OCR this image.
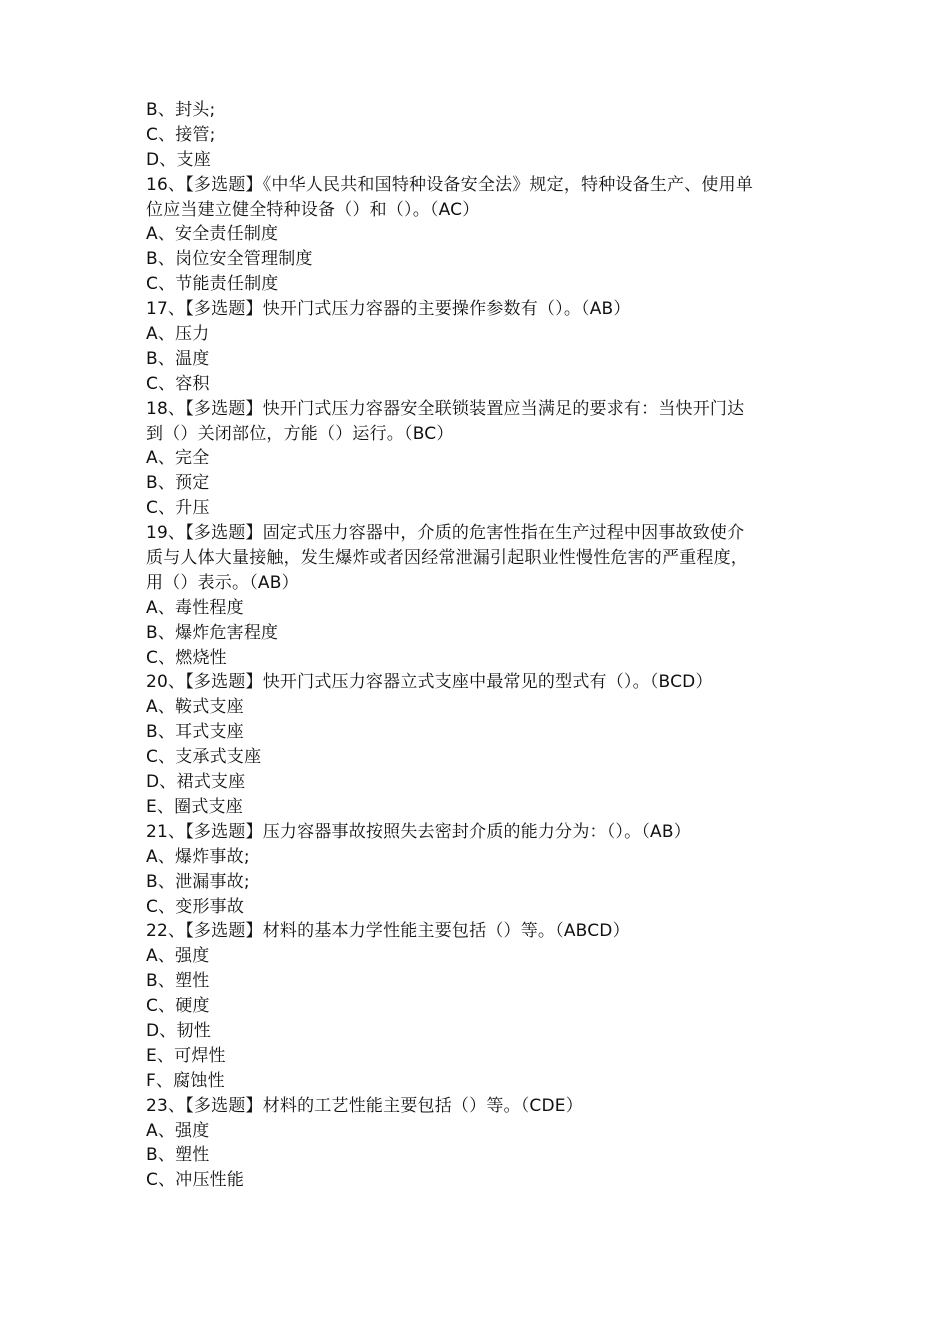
B、封头;
C、接管;
D、支座
16、【多选题】《中华人民共和国特种设备安全法》规定，特种设备生产、使用单
位应当建立健全特种设备（）和（）。（AC）
A、安全责任制度
B、岗位安全管理制度
C、节能责任制度
17、【多选题】快开门式压力容器的主要操作参数有（）。（AB）
A、压力
B、温度
C、容积
18、【多选题】快开门式压力容器安全联锁装置应当满足的要求有：当快开门达
到（）关闭部位，方能（）运行。（BC）
A、完全
B、预定
C、升压
19、【多选题】固定式压力容器中，介质的危害性指在生产过程中因事故致使介
质与人体大量接触，发生爆炸或者因经常泄漏引起职业性慢性危害的严重程度，
用（）表示。（AB）
A、毒性程度
B、爆炸危害程度
C、燃烧性
20、【多选题】快开门式压力容器立式支座中最常见的型式有（）。（BCD）
A、鞍式支座
B、耳式支座
C、支承式支座
D、裙式支座
E、圈式支座
21、【多选题】压力容器事故按照失去密封介质的能力分为：（）。（AB）
A、爆炸事故;
B、泄漏事故;
C、变形事故
22、【多选题】材料的基本力学性能主要包括（）等。（ABCD）
A、强度
B、塑性
C、硬度
D、韧性
E、可焊性
F、腐蚀性
23、【多选题】材料的工艺性能主要包括（）等。（CDE）
A、强度
B、塑性
C、冲压性能
